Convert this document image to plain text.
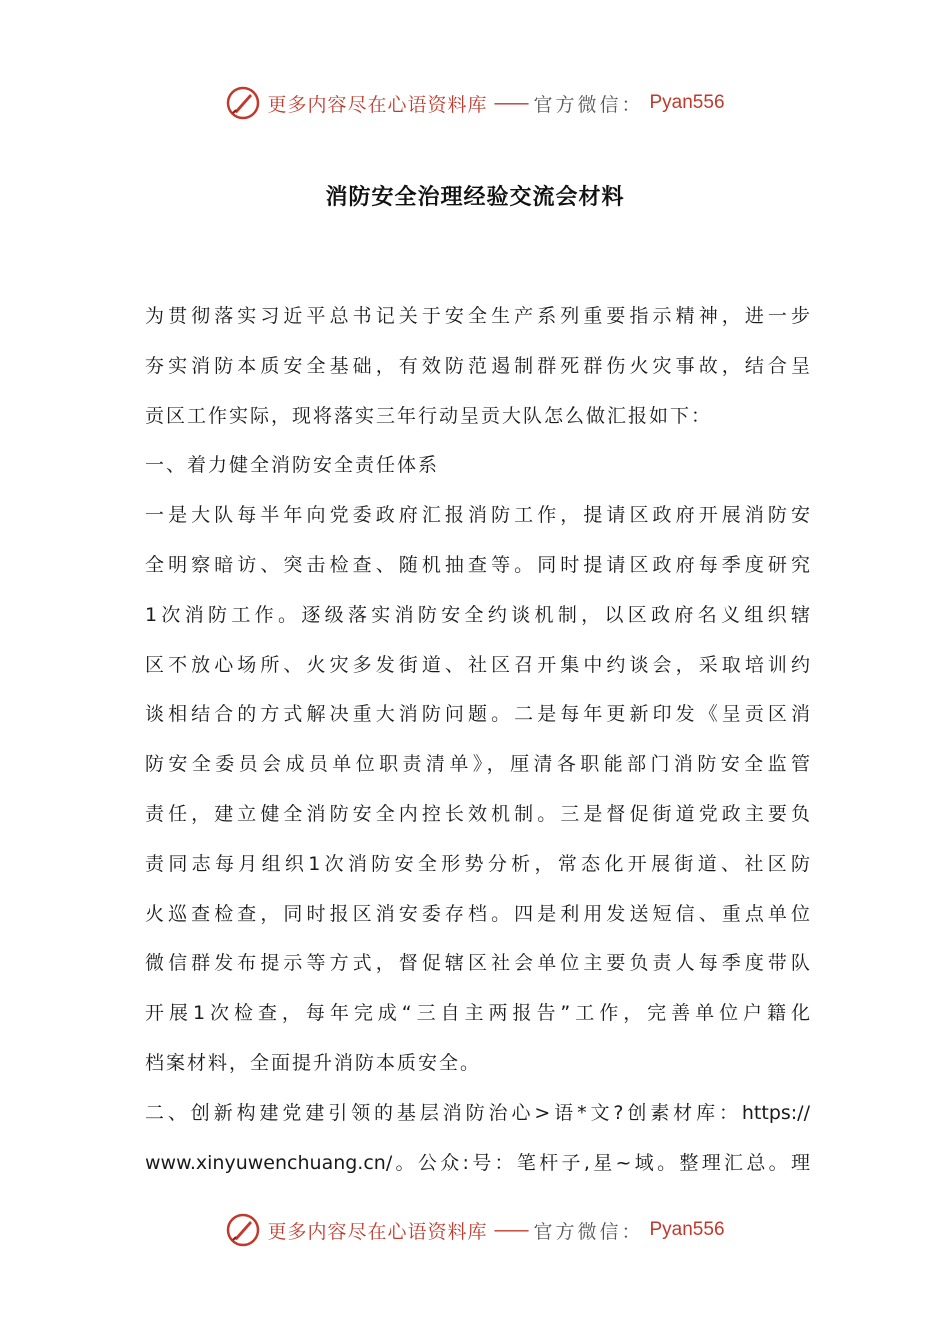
更多内容尽在心语资料库 —— 官方微信： Pyan556
消防安全治理经验交流会材料
为贯彻落实习近平总书记关于安全生产系列重要指示精神，进一步
夯实消防本质安全基础，有效防范遏制群死群伤火灾事故，结合呈
贡区工作实际，现将落实三年行动呈贡大队怎么做汇报如下：
一、着力健全消防安全责任体系
一是大队每半年向党委政府汇报消防工作，提请区政府开展消防安
全明察暗访、突击检查、随机抽查等。同时提请区政府每季度研究
1次消防工作。逐级落实消防安全约谈机制，以区政府名义组织辖
区不放心场所、火灾多发街道、社区召开集中约谈会，采取培训约
谈相结合的方式解决重大消防问题。二是每年更新印发《呈贡区消
防安全委员会成员单位职责清单》，厘清各职能部门消防安全监管
责任，建立健全消防安全内控长效机制。三是督促街道党政主要负
责同志每月组织1次消防安全形势分析，常态化开展街道、社区防
火巡查检查，同时报区消安委存档。四是利用发送短信、重点单位
微信群发布提示等方式，督促辖区社会单位主要负责人每季度带队
开展1次检查，每年完成“三自主两报告”工作，完善单位户籍化
档案材料，全面提升消防本质安全。
二、创新构建党建引领的基层消防治心>语*文?创素材库：https://
www.xinyuwenchuang.cn/。公众:号：笔杆子,星~域。整理汇总。理
更多内容尽在心语资料库 —— 官方微信： Pyan556
